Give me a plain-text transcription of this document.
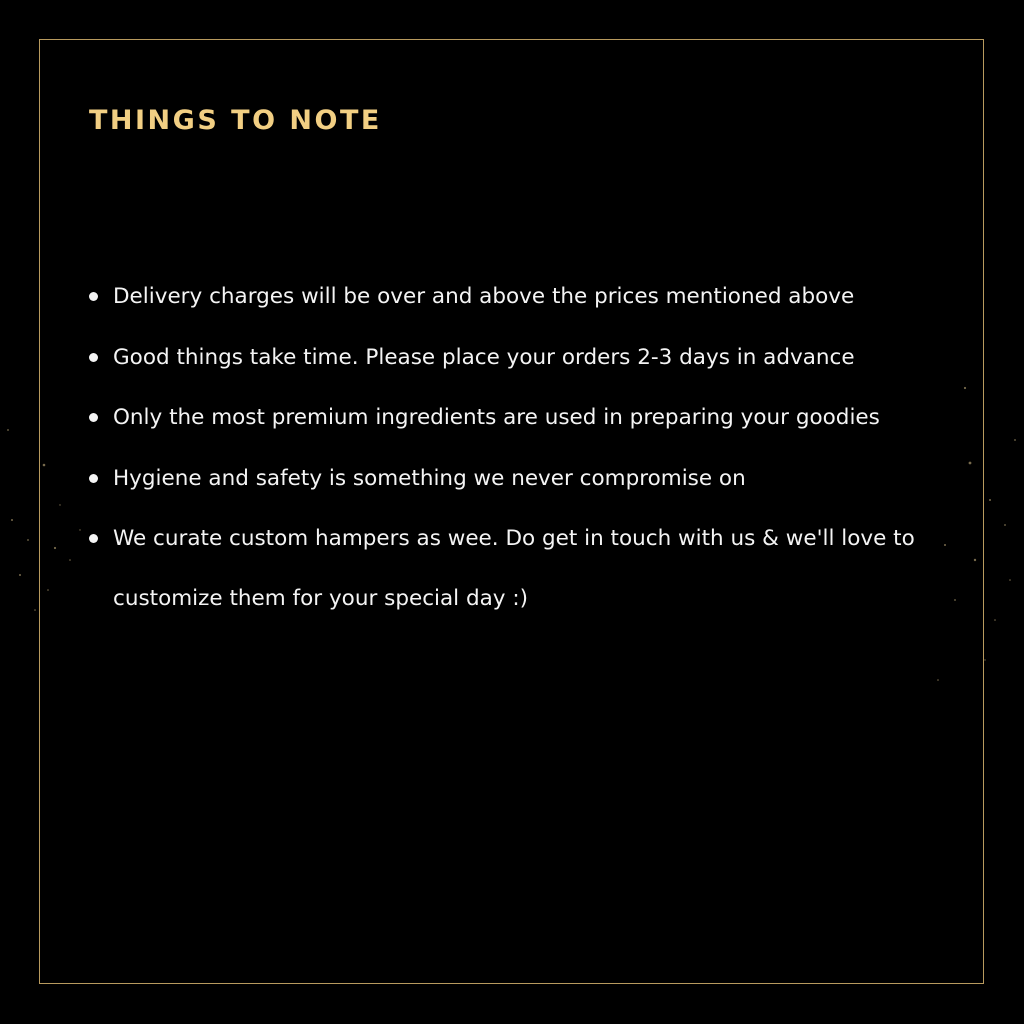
THINGS TO NOTE
Delivery charges will be over and above the prices mentioned above
Good things take time. Please place your orders 2-3 days in advance
Only the most premium ingredients are used in preparing your goodies
Hygiene and safety is something we never compromise on
We curate custom hampers as wee. Do get in touch with us & we'll love to customize them for your special day :)
